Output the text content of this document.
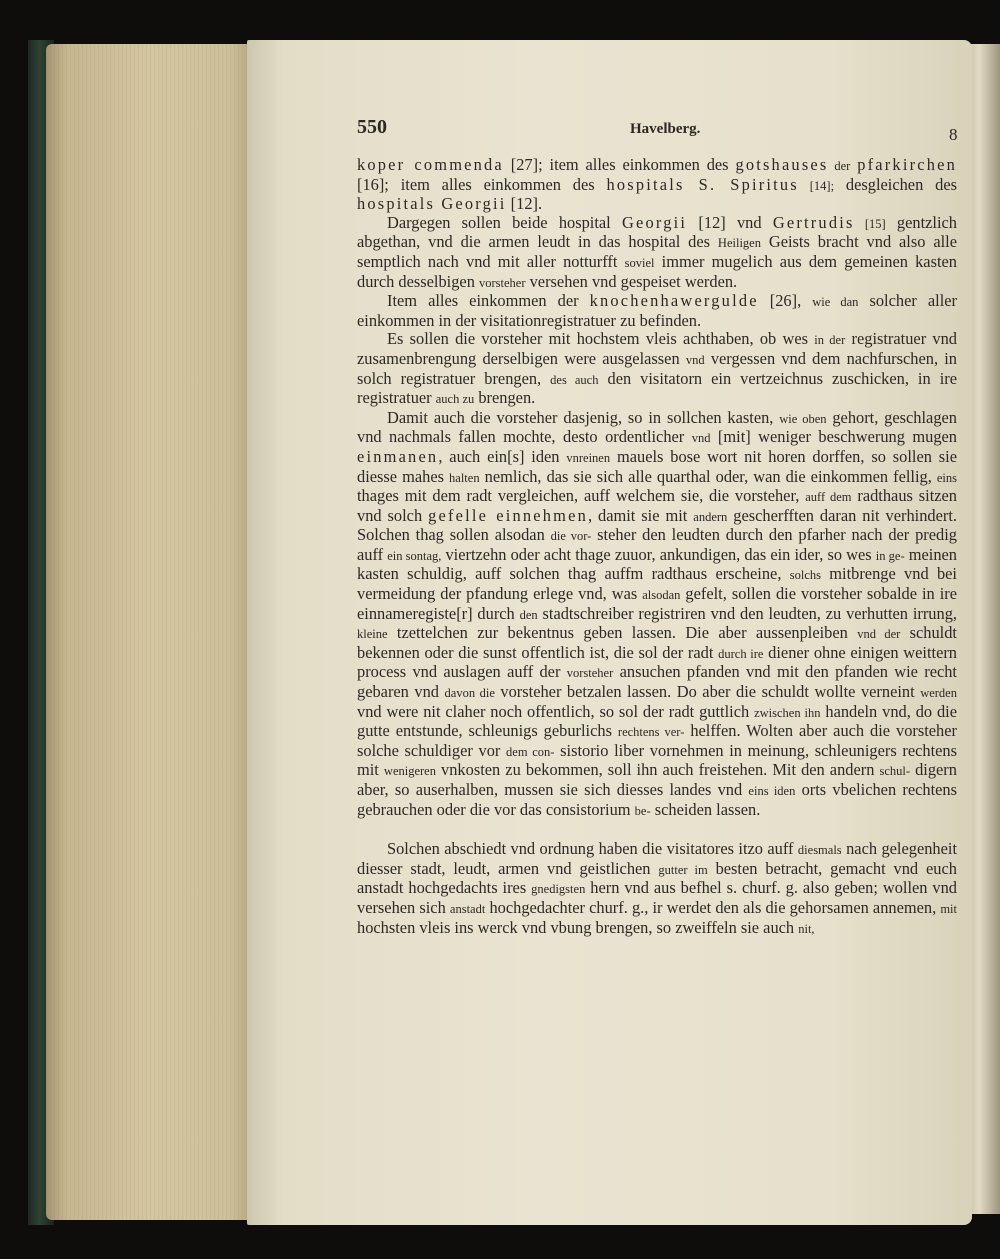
550	Havelberg.	8

koper commenda [27]; item alles einkommen des gotshauses der pfarkirchen [16]; item alles einkommen des hospitals S. Spiritus [14]; desgleichen des hospitals Georgii [12].

Dargegen sollen beide hospital Georgii [12] vnd Gertrudis [15] gentzlich abgethan, vnd die armen leudt in das hospital des Heiligen Geists bracht vnd also alle semptlich nach vnd mit aller notturfft soviel immer mugelich aus dem gemeinen kasten durch desselbigen vorsteher versehen vnd gespeiset werden.

Item alles einkommen der knochenhawergulde [26], wie dan solcher aller einkommen in der visitationregistratuer zu befinden.

Es sollen die vorsteher mit hochstem vleis achthaben, ob wes in der registratuer vnd zusamenbrengung derselbigen were ausgelassen vnd vergessen vnd dem nachfurschen, in solch registratuer brengen, des auch den visitatorn ein vertzeichnus zuschicken, in ire registratuer auch zu brengen.

Damit auch die vorsteher dasjenig, so in sollchen kasten, wie oben gehort, geschlagen vnd nachmals fallen mochte, desto ordentlicher vnd [mit] weniger beschwerung mugen einmanen, auch ein[s] iden vnreinen mauels bose wort nit horen dorffen, so sollen sie diesse mahes halten nemlich, das sie sich alle quarthal oder, wan die einkommen fellig, eins thages mit dem radt vergleichen, auff welchem sie, die vorsteher, auff dem radthaus sitzen vnd solch gefelle einnehmen, damit sie mit andern gescherfften daran nit verhindert. Solchen thag sollen alsodan die vor- steher den leudten durch den pfarher nach der predig auff ein sontag, viertzehn oder acht thage zuuor, ankundigen, das ein ider, so wes in ge- meinen kasten schuldig, auff solchen thag auffm radthaus erscheine, solchs mitbrenge vnd bei vermeidung der pfandung erlege vnd, was alsodan gefelt, sollen die vorsteher sobalde in ire einnameregiste[r] durch den stadtschreiber registriren vnd den leudten, zu verhutten irrung, kleine tzettelchen zur bekentnus geben lassen. Die aber aussenpleiben vnd der schuldt bekennen oder die sunst offentlich ist, die sol der radt durch ire diener ohne einigen weittern process vnd auslagen auff der vorsteher ansuchen pfanden vnd mit den pfanden wie recht gebaren vnd davon die vorsteher betzalen lassen. Do aber die schuldt wollte verneint werden vnd were nit claher noch offentlich, so sol der radt guttlich zwischen ihn handeln vnd, do die gutte entstunde, schleunigs geburlichs rechtens ver- helffen. Wolten aber auch die vorsteher solche schuldiger vor dem con- sistorio liber vornehmen in meinung, schleunigers rechtens mit wenigeren vnkosten zu bekommen, soll ihn auch freistehen. Mit den andern schul- digern aber, so auserhalben, mussen sie sich diesses landes vnd eins iden orts vbelichen rechtens gebrauchen oder die vor das consistorium be- scheiden lassen.

Solchen abschiedt vnd ordnung haben die visitatores itzo auff diesmals nach gelegenheit diesser stadt, leudt, armen vnd geistlichen gutter im besten betracht, gemacht vnd euch anstadt hochgedachts ires gnedigsten hern vnd aus befhel s. churf. g. also geben; wollen vnd versehen sich anstadt hochgedachter churf. g., ir werdet den als die gehorsamen annemen, mit hochsten vleis ins werck vnd vbung brengen, so zweiffeln sie auch nit,
